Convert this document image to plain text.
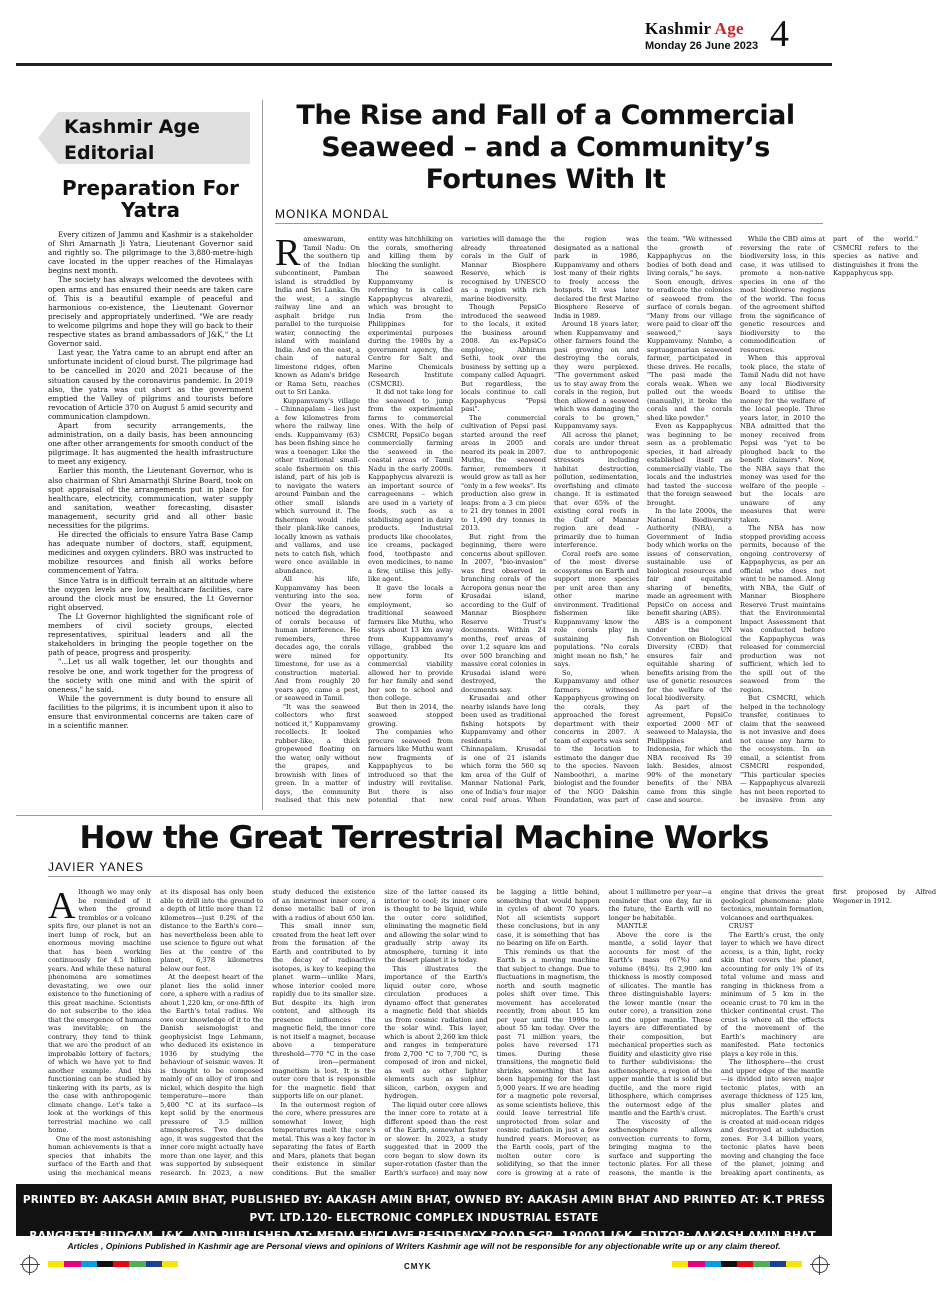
Kashmir Age
Monday 26 June 2023 4
Kashmir Age
Editorial
Preparation For Yatra

Every citizen of Jammu and Kashmir is a stakeholder of Shri Amarnath Ji Yatra, Lieutenant Governor said and rightly so. The pilgrimage to the 3,880-metre-high cave located in the upper reaches of the Himalayas begins next month.

The society has always welcomed the devotees with open arms and has ensured their needs are taken care of. This is a beautiful example of peaceful and harmonious co-existence, the Lieutenant Governor precisely and appropriately underlined. "We are ready to welcome pilgrims and hope they will go back to their respective states as brand ambassadors of J&K," the Lt Governor said.

Last year, the Yatra came to an abrupt end after an unfortunate incident of cloud burst. The pilgrimage had to be cancelled in 2020 and 2021 because of the situation caused by the coronavirus pandemic. In 2019 also, the yatra was cut short as the government emptied the Valley of pilgrims and tourists before revocation of Article 370 on August 5 amid security and communication clampdown.

Apart from security arrangements, the administration, on a daily basis, has been announcing one after other arrangements for smooth conduct of the pilgrimage. It has augmented the health infrastructure to meet any exigency.

Earlier this month, the Lieutenant Governor, who is also chairman of Shri Amarnathji Shrine Board, took on spot appraisal of the arrangements put in place for healthcare, electricity, communication, water supply and sanitation, weather forecasting, disaster management, security grid and all other basic necessities for the pilgrims.

He directed the officials to ensure Yatra Base Camp has adequate number of doctors, staff, equipment, medicines and oxygen cylinders. BRO was instructed to mobilize resources and finish all works before commencement of Yatra.

Since Yatra is in difficult terrain at an altitude where the oxygen levels are low, healthcare facilities, care around the clock must be ensured, the Lt Governor right observed.

The Lt Governor highlighted the significant role of members of civil society groups, elected representatives, spiritual leaders and all the stakeholders in bringing the people together on the path of peace, progress and prosperity.

"...Let us all walk together, let our thoughts and resolve be one, and work together for the progress of the society with one mind and with the spirit of oneness," he said.

While the government is duty bound to ensure all facilities to the pilgrims, it is incumbent upon it also to ensure that environmental concerns are taken care of in a scientific manner.

The Rise and Fall of a Commercial Seaweed – and a Community’s Fortunes With It
MONIKA MONDAL

Rameswaram, Tamil Nadu: On the southern tip of the Indian subcontinent, Pamban island is straddled by India and Sri Lanka. On the west, a single railway line and an asphalt bridge run parallel to the turquoise water, connecting the island with mainland India. And on the east, a chain of natural limestone ridges, often known as Adam's bridge or Rama Setu, reaches out to Sri Lanka.

Kuppamvamy's village – Chinnapalam – lies just a few kilometres from where the railway line ends. Kuppamvamy (63) has been fishing since he was a teenager. Like the other traditional small-scale fishermen on this island, part of his job is to navigate the waters around Pamban and the other small islands which surround it. The fishermen would ride their plank-like canoes, locally known as vathais and vallams, and use nets to catch fish, which were once available in abundance.

All his life, Kuppamvamy has been venturing into the sea. Over the years, he noticed the degradation of corals because of human interference. He remembers, three decades ago, the corals were mined for limestone, for use as a construction material. And from roughly 20 years ago, came a pest, or seaweed in Tamil.

"It was the seaweed collectors who first noticed it," Kuppamvamy recollects. It looked rubber-like, a thick gropeweed floating on the water, only without the grapes, and brownish with lines of green. In a matter of days, the community realised that this new entity was hitchhiking on the corals, smothering and killing them by blocking the sunlight.

The seaweed Kuppamvamy is referring to is called Kappaphycus alvarezii, which was brought to India from the Philippines for experimental purposes during the 1980s by a government agency, the Centre for Salt and Marine Chemicals Research Institute (CSMCRI).

It did not take long for the seaweed to jump from the experimental farms to commercial ones. With the help of CSMCRI, PepsiCo began commercially farming the seaweed in the coastal areas of Tamil Nadu in the early 2000s. Kappaphycus alvarezii is an important source of carrageenans – which are used in a variety of foods, such as a stabilising agent in dairy products. Industrial products like chocolates, ice creams, packaged food, toothpaste and even medicines, to name a few, utilise this jelly-like agent.

It gave the locals a new form of employment, so traditional seaweed farmers like Muthu, who stays about 13 km away from Kuppamvamy's village, grabbed the opportunity. Its commercial viability allowed her to provide for her family and send her son to school and then college.

But then in 2014, the seaweed stopped growing.

The companies who procure seaweed from farmers like Muthu want new fragments of Kappaphycus to be introduced so that the industry will revitalise. But there is also potential that new varieties will damage the already threatened corals in the Gulf of Mannar Biosphere Reserve, which is recognised by UNESCO as a region with rich marine biodiversity.

Though PepsiCo introduced the seaweed to the locals, it exited the business around 2008. An ex-PepsiCo employee, Abhiram Sethi, took over the business by setting up a company called Aquagri. But regardless, the locals continue to call Kappaphycus "Pepsi pasi".

The commercial cultivation of Pepsi pasi started around the reef areas in 2005 and neared its peak in 2007. Muthu, the seaweed farmer, remembers it would grow as tall as her "only in a few weeks". Its production also grew in leaps: from a 3 cm piece to 21 dry tonnes in 2001 to 1,490 dry tonnes in 2013.

But right from the beginning, there were concerns about spillover. In 2007, "bio-invasion" was first observed in branching corals of the Acropora genus near the Krusadai island, according to the Gulf of Mannar Biosphere Reserve Trust's documents. Within 24 months, reef areas of over 1.2 square km and over 500 branching and massive coral colonies in Krusadai island were destroyed, the documents say.

Krusadai and other nearby islands have long been used as traditional fishing hotspots by Kuppamvamy and other residents of Chinnapalam. Krusadai is one of 21 islands which form the 560 sq km area of the Gulf of Mannar National Park, one of India's four major coral reef areas. When the region was designated as a national park in 1986, Kuppamvamy and others lost many of their rights to freely access the hotspots. It was later declared the first Marine Biosphere Reserve of India in 1989.

Around 18 years later, when Kuppamvamy and other farmers found the pasi growing on and destroying the corals, they were perplexed. "The government asked us to stay away from the corals in the region, but then allowed a seaweed which was damaging the corals to be grown," Kuppamvamy says.

All across the planet, corals are under threat due to anthropogenic stressors including habitat destruction, pollution, sedimentation, overfishing and climate change. It is estimated that over 65% of the existing coral reefs in the Gulf of Mannar region are dead – primarily due to human interference.

Coral reefs are some of the most diverse ecosystems on Earth and support more species per unit area than any other marine environment. Traditional fishermen like Kuppamvamy know the role corals play in sustaining fish populations. "No corals might mean no fish," he says.

So, when Kuppamvamy and other farmers witnessed Kappaphycus growing on the corals, they approached the forest department with their concerns in 2007. A team of experts was sent to the location to estimate the danger due to the species. Naveen Namboothri, a marine biologist and the founder of the NGO Dakshin Foundation, was part of the team. "We witnessed the growth of Kappaphycus on the bodies of both dead and living corals," he says.

Soon enough, drives to eradicate the colonies of seaweed from the surface of corals began. "Many from our village were paid to clear off the seaweed," says Kuppamvamy. Nambo, a septuagenarian seaweed farmer, participated in these drives. He recalls, "The pasi made the corals weak. When we pulled out the weeds (manually), it broke the corals and the corals shed like powder."

Even as Kappaphycus was beginning to be seen as a problematic species, it had already established itself as commercially viable. The locals and the industries had tasted the success that the foreign seaweed brought.

In the late 2000s, the National Biodiversity Authority (NBA), a Government of India body which works on the issues of conservation, sustainable use of biological resources and fair and equitable sharing of benefits, made an agreement with PepsiCo on access and benefit sharing (ABS).

ABS is a component under the UN Convention on Biological Diversity (CBD) that ensures fair and equitable sharing of benefits arising from the use of genetic resources for the welfare of the local biodiversity.

As part of the agreement, PepsiCo exported 2000 MT of seaweed to Malaysia, the Philippines and Indonesia, for which the NBA received Rs 39 lakh. Besides, almost 90% of the monetary benefits of the NBA came from this single case and source.

While the CBD aims at reversing the rate of biodiversity loss, in this case, it was utilised to promote a non-native species in one of the most biodiverse regions of the world. The focus of the agreement shifted from the significance of genetic resources and biodiversity to the commodification of resources.

When this approval took place, the state of Tamil Nadu did not have any local Biodiversity Board to utilise the money for the welfare of the local people. Three years later, in 2010 the NBA admitted that the money received from Pepsi was "yet to be ploughed back to the benefit claimers". Now, the NBA says that the money was used for the welfare of the people – but the locals are unaware of any measures that were taken.

The NBA has now stopped providing access permits, because of the ongoing controversy of Kappaphycus, as per an official who does not want to be named. Along with NBA, the Gulf of Mannar Biosphere Reserve Trust maintains that the Environmental Impact Assessment that was conducted before the Kappaphycus was released for commercial production was not sufficient, which led to the spill out of the seaweed from the region.

But CSMCRI, which helped in the technology transfer, continues to claim that the seaweed is not invasive and does not cause any harm to the ecosystem. In an email, a scientist from CSMCRI responded, "This particular species — Kappaphycus alvarezii has not been reported to be invasive from any part of the world." CSMCRI refers to the species as native and distinguishes it from the Kappaphycus spp.

How the Great Terrestrial Machine Works
JAVIER YANES

Although we may only be reminded of it when the ground trembles or a volcano spits fire, our planet is not an inert lump of rock, but an enormous moving machine that has been working continuously for 4.5 billion years. And while these natural phenomena are sometimes devastating, we owe our existence to the functioning of this great machine. Scientists do not subscribe to the idea that the emergence of humans was inevitable; on the contrary, they tend to think that we are the product of an improbable lottery of factors, of which we have yet to find another example. And this functioning can be studied by tinkering with its parts, as is the case with anthropogenic climate change. Let's take a look at the workings of this terrestrial machine we call home.

One of the most astonishing human achievements is that a species that inhabits the surface of the Earth and that using the mechanical means at its disposal has only been able to drill into the ground to a depth of little more than 12 kilometres—just 0.2% of the distance to the Earth's core—has nevertheless been able to use science to figure out what lies at the centre of the planet, 6,378 kilometres below our feet.

At the deepest heart of the planet lies the solid inner core, a sphere with a radius of about 1,220 km, or one-fifth of the Earth's total radius. We owe our knowledge of it to the Danish seismologist and geophysicist Inge Lehmann, who deduced its existence in 1936 by studying the behaviour of seismic waves. It is thought to be composed mainly of an alloy of iron and nickel, which despite the high temperature—more than 5,400 °C at its surface—is kept solid by the enormous pressure of 3.5 million atmospheres. Two decades ago, it was suggested that the inner core might actually have more than one layer, and this was supported by subsequent research. In 2023, a new study deduced the existence of an innermost inner core, a dense metallic ball of iron with a radius of about 650 km.

This small inner sun, created from the heat left over from the formation of the Earth and contributed to by the decay of radioactive isotopes, is key to keeping the planet warm—unlike Mars, whose interior cooled more rapidly due to its smaller size. But despite its high iron content, and although its presence influences the magnetic field, the inner core is not itself a magnet, because above a temperature threshold—770 °C in the case of iron—permanent magnetism is lost. It is the outer core that is responsible for the magnetic field that supports life on our planet.

In the outermost region of the core, where pressures are somewhat lower, high temperatures melt the core's metal. This was a key factor in separating the fates of Earth and Mars, planets that began their existence in similar conditions. But the smaller size of the latter caused its interior to cool; its inner core is thought to be liquid, while the outer core solidified, eliminating the magnetic field and allowing the solar wind to gradually strip away its atmosphere, turning it into the desert planet it is today.

This illustrates the importance of the Earth's liquid outer core, whose circulation produces a dynamo effect that generates a magnetic field that shields us from cosmic radiation and the solar wind. This layer, which is about 2,260 km thick and ranges in temperature from 2,700 °C to 7,700 °C, is composed of iron and nickel, as well as other lighter elements such as sulphur, silicon, carbon, oxygen and hydrogen.

The liquid outer core allows the inner core to rotate at a different speed than the rest of the Earth, somewhat faster or slower. In 2023, a study suggested that in 2009 the core began to slow down its super-rotation (faster than the Earth's surface) and may now be lagging a little behind, something that would happen in cycles of about 70 years. Not all scientists support these conclusions, but in any case, it is something that has no bearing on life on Earth.

This reminds us that the Earth is a moving machine that subject to change. Due to fluctuations in magnetism, the north and south magnetic poles shift over time. This movement has accelerated recently, from about 15 km per year until the 1990s to about 55 km today. Over the past 71 million years, the poles have reversed 171 times. During these transitions, the magnetic field shrinks, something that has been happening for the last 5,000 years. If we are heading for a magnetic pole reversal, as some scientists believe, this could leave terrestrial life unprotected from solar and cosmic radiation in just a few hundred years. Moreover, as the Earth cools, part of the molten outer core is solidifying, so that the inner core is growing at a rate of about 1 millimetre per year—a reminder that one day, far in the future, the Earth will no longer be habitable.

MANTLE

Above the core is the mantle, a solid layer that accounts for most of the Earth's mass (67%) and volume (84%). Its 2,900 km thickness is mostly composed of silicates. The mantle has three distinguishable layers: the lower mantle (near the outer core), a transition zone and the upper mantle. These layers are differentiated by their composition, but mechanical properties such as fluidity and elasticity give rise to further subdivisions: the asthenosphere, a region of the upper mantle that is solid but ductile, and the more rigid lithosphere, which comprises the outermost edge of the mantle and the Earth's crust.

The viscosity of the asthenosphere allows convection currents to form, bringing magma to the surface and supporting the tectonic plates. For all these reasons, the mantle is the engine that drives the great geological phenomena: plate tectonics, mountain formation, volcanoes and earthquakes.

CRUST

The Earth's crust, the only layer to which we have direct access, is a thin, light, rocky skin that covers the planet, accounting for only 1% of its total volume and mass and ranging in thickness from a minimum of 5 km in the oceanic crust to 70 km in the thicker continental crust. The crust is where all the effects of the movement of the Earth's machinery are manifested. Plate tectonics plays a key role in this.

The lithosphere—the crust and upper edge of the mantle—is divided into seven major tectonic plates, with an average thickness of 125 km, plus smaller plates and microplates. The Earth's crust is created at mid-ocean ridges and destroyed at subduction zones. For 3.4 billion years, tectonic plates have been moving and changing the face of the planet, joining and breaking apart continents, as first proposed by Alfred Wegener in 1912.

PRINTED BY: AAKASH AMIN BHAT, PUBLISHED BY: AAKASH AMIN BHAT, OWNED BY: AAKASH AMIN BHAT AND PRINTED AT: K.T PRESS PVT. LTD.120- ELECTRONIC COMPLEX INDUSTRIAL ESTATE
RANGRETH BUDGAM, J&K. AND PUBLISHED AT: MEDIA ENCLAVE RESIDENCY ROAD SGR. 190001 J&K. EDITOR: AAKASH AMIN BHAT, JKENG/2006/23952
Articles , Opinions Published in Kashmir age are Personal views and opinions of Writers Kashmir age will not be responsible for any objectionable write up or any claim thereof.
CMYK
